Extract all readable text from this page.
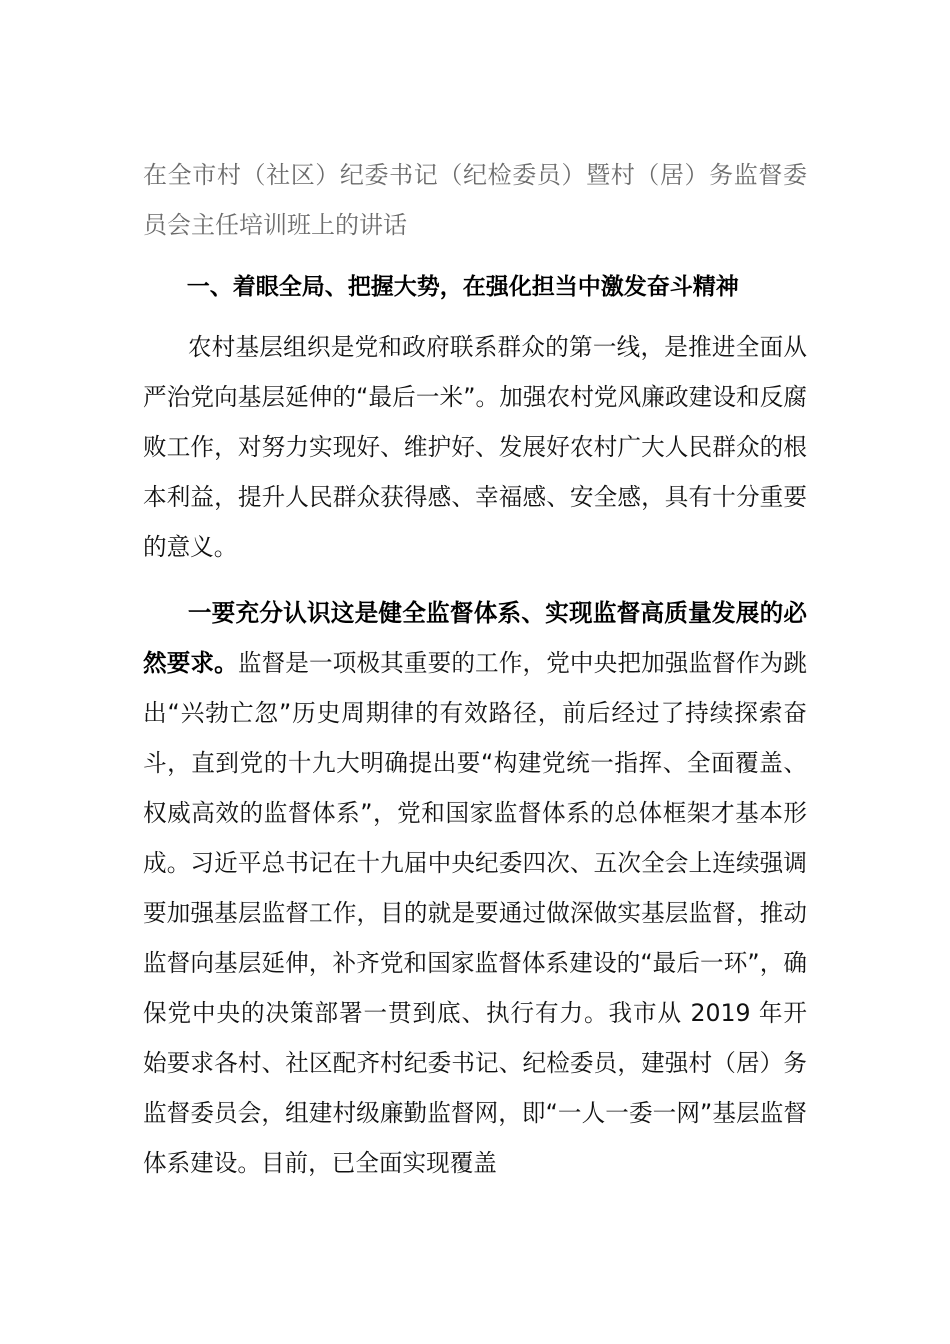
在全市村（社区）纪委书记（纪检委员）暨村（居）务监督委员会主任培训班上的讲话

一、着眼全局、把握大势，在强化担当中激发奋斗精神

农村基层组织是党和政府联系群众的第一线，是推进全面从严治党向基层延伸的“最后一米”。加强农村党风廉政建设和反腐败工作，对努力实现好、维护好、发展好农村广大人民群众的根本利益，提升人民群众获得感、幸福感、安全感，具有十分重要的意义。

一要充分认识这是健全监督体系、实现监督高质量发展的必然要求。监督是一项极其重要的工作，党中央把加强监督作为跳出“兴勃亡忽”历史周期律的有效路径，前后经过了持续探索奋斗，直到党的十九大明确提出要“构建党统一指挥、全面覆盖、权威高效的监督体系”，党和国家监督体系的总体框架才基本形成。习近平总书记在十九届中央纪委四次、五次全会上连续强调要加强基层监督工作，目的就是要通过做深做实基层监督，推动监督向基层延伸，补齐党和国家监督体系建设的“最后一环”，确保党中央的决策部署一贯到底、执行有力。我市从 2019 年开始要求各村、社区配齐村纪委书记、纪检委员，建强村（居）务监督委员会，组建村级廉勤监督网，即“一人一委一网”基层监督体系建设。目前，已全面实现覆盖
